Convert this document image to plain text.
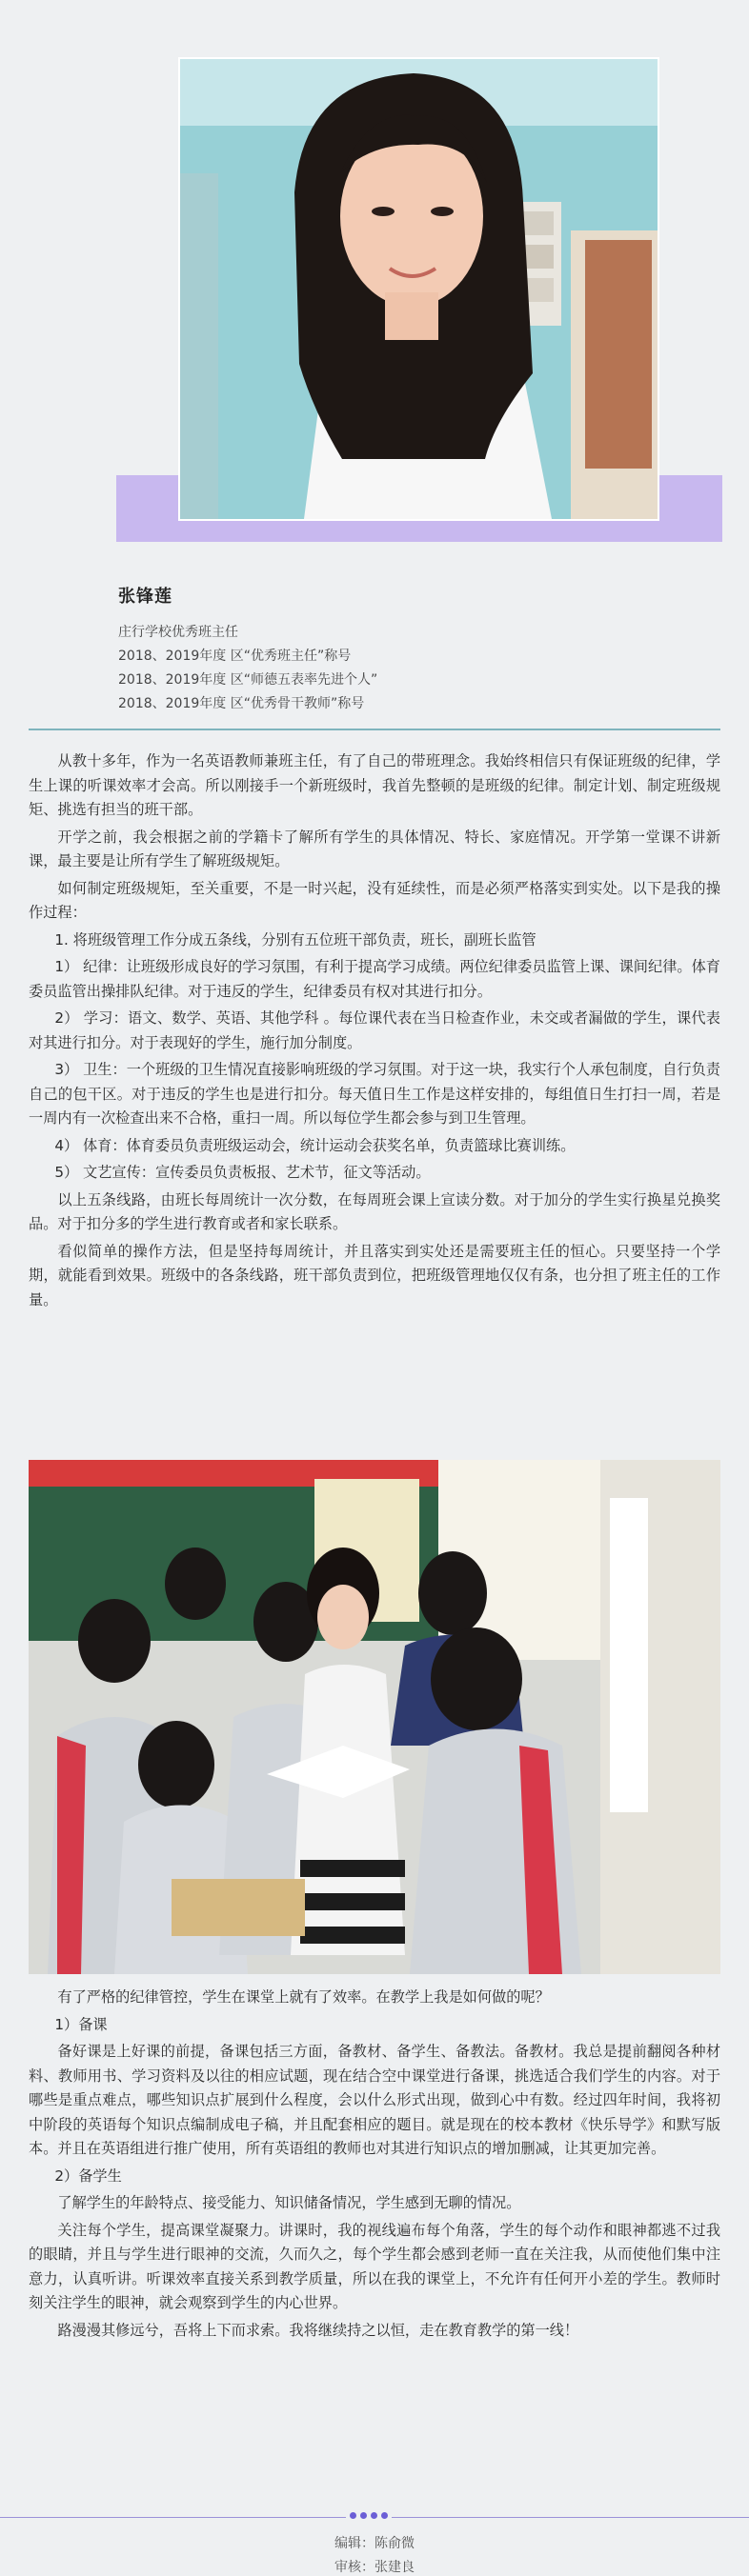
张锋莲

庄行学校优秀班主任

2018、2019年度 区“优秀班主任”称号

2018、2019年度 区“师德五表率先进个人”

2018、2019年度 区“优秀骨干教师”称号

从教十多年，作为一名英语教师兼班主任，有了自己的带班理念。我始终相信只有保证班级的纪律，学生上课的听课效率才会高。所以刚接手一个新班级时，我首先整顿的是班级的纪律。制定计划、制定班级规矩、挑选有担当的班干部。

开学之前，我会根据之前的学籍卡了解所有学生的具体情况、特长、家庭情况。开学第一堂课不讲新课，最主要是让所有学生了解班级规矩。

如何制定班级规矩，至关重要，不是一时兴起，没有延续性，而是必须严格落实到实处。以下是我的操作过程：

1. 将班级管理工作分成五条线，分别有五位班干部负责，班长，副班长监管

1） 纪律：让班级形成良好的学习氛围，有利于提高学习成绩。两位纪律委员监管上课、课间纪律。体育委员监管出操排队纪律。对于违反的学生，纪律委员有权对其进行扣分。

2） 学习：语文、数学、英语、其他学科 。每位课代表在当日检查作业，未交或者漏做的学生，课代表对其进行扣分。对于表现好的学生，施行加分制度。

3） 卫生：一个班级的卫生情况直接影响班级的学习氛围。对于这一块，我实行个人承包制度，自行负责自己的包干区。对于违反的学生也是进行扣分。每天值日生工作是这样安排的，每组值日生打扫一周，若是一周内有一次检查出来不合格，重扫一周。所以每位学生都会参与到卫生管理。

4） 体育：体育委员负责班级运动会，统计运动会获奖名单，负责篮球比赛训练。

5） 文艺宣传：宣传委员负责板报、艺术节，征文等活动。

以上五条线路，由班长每周统计一次分数，在每周班会课上宣读分数。对于加分的学生实行换星兑换奖品。对于扣分多的学生进行教育或者和家长联系。

看似简单的操作方法，但是坚持每周统计，并且落实到实处还是需要班主任的恒心。只要坚持一个学期，就能看到效果。班级中的各条线路，班干部负责到位，把班级管理地仅仅有条，也分担了班主任的工作量。

有了严格的纪律管控，学生在课堂上就有了效率。在教学上我是如何做的呢？

1）备课

备好课是上好课的前提，备课包括三方面，备教材、备学生、备教法。备教材。我总是提前翻阅各种材料、教师用书、学习资料及以往的相应试题，现在结合空中课堂进行备课，挑选适合我们学生的内容。对于哪些是重点难点，哪些知识点扩展到什么程度，会以什么形式出现，做到心中有数。经过四年时间，我将初中阶段的英语每个知识点编制成电子稿，并且配套相应的题目。就是现在的校本教材《快乐导学》和默写版本。并且在英语组进行推广使用，所有英语组的教师也对其进行知识点的增加删减，让其更加完善。

2）备学生

了解学生的年龄特点、接受能力、知识储备情况，学生感到无聊的情况。

关注每个学生，提高课堂凝聚力。讲课时，我的视线遍布每个角落，学生的每个动作和眼神都逃不过我的眼睛，并且与学生进行眼神的交流，久而久之，每个学生都会感到老师一直在关注我，从而使他们集中注意力，认真听讲。听课效率直接关系到教学质量，所以在我的课堂上，不允许有任何开小差的学生。教师时刻关注学生的眼神，就会观察到学生的内心世界。

路漫漫其修远兮，吾将上下而求索。我将继续持之以恒，走在教育教学的第一线！

编辑：陈俞微
审核：张建良
